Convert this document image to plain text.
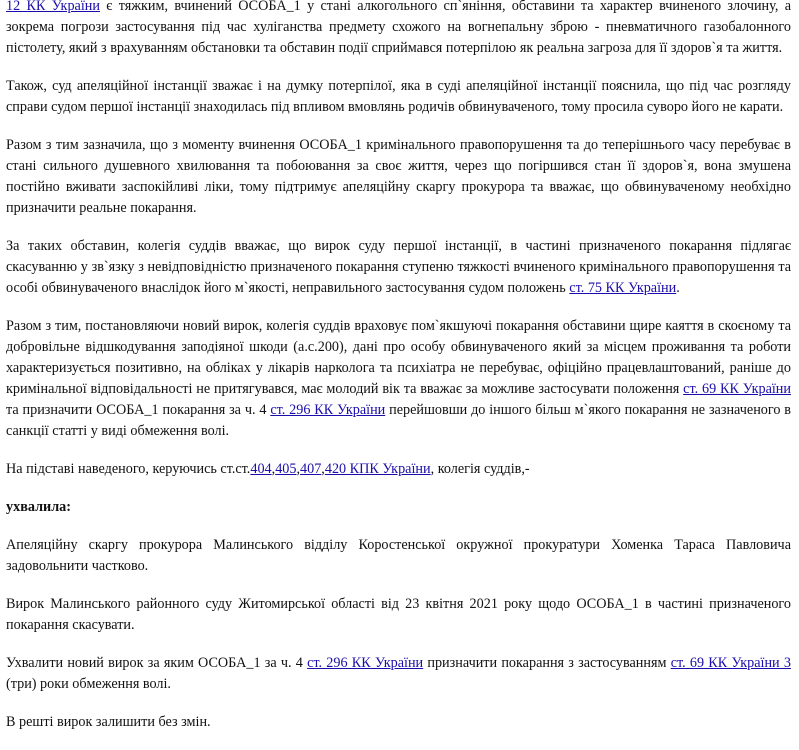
12 КК України є тяжким, вчинений ОСОБА_1 у стані алкогольного сп`яніння, обставини та характер вчиненого злочину, а зокрема погрози застосування під час хуліганства предмету схожого на вогнепальну зброю - пневматичного газобалонного пістолету, який з врахуванням обстановки та обставин події сприймався потерпілою як реальна загроза для її здоров`я та життя.

Також, суд апеляційної інстанції зважає і на думку потерпілої, яка в суді апеляційної інстанції пояснила, що під час розгляду справи судом першої інстанції знаходилась під впливом вмовлянь родичів обвинуваченого, тому просила суворо його не карати.

Разом з тим зазначила, що з моменту вчинення ОСОБА_1 кримінального правопорушення та до теперішнього часу перебуває в стані сильного душевного хвилювання та побоювання за своє життя, через що погіршився стан її здоров`я, вона змушена постійно вживати заспокійливі ліки, тому підтримує апеляційну скаргу прокурора та вважає, що обвинуваченому необхідно призначити реальне покарання.

За таких обставин, колегія суддів вважає, що вирок суду першої інстанції, в частині призначеного покарання підлягає скасуванню у зв`язку з невідповідністю призначеного покарання ступеню тяжкості вчиненого кримінального правопорушення та особі обвинуваченого внаслідок його м`якості, неправильного застосування судом положень ст. 75 КК України.

Разом з тим, постановляючи новий вирок, колегія суддів враховує пом`якшуючі покарання обставини щире каяття в скоєному та добровільне відшкодування заподіяної шкоди (а.с.200), дані про особу обвинуваченого який за місцем проживання та роботи характеризується позитивно, на обліках у лікарів нарколога та психіатра не перебуває, офіційно працевлаштований, раніше до кримінальної відповідальності не притягувався, має молодий вік та вважає за можливе застосувати положення ст. 69 КК України та призначити ОСОБА_1 покарання за ч. 4 ст. 296 КК України перейшовши до іншого більш м`якого покарання не зазначеного в санкції статті у виді обмеження волі.

На підставі наведеного, керуючись ст.ст.404,405,407,420 КПК України, колегія суддів,-

ухвалила:

Апеляційну скаргу прокурора Малинського відділу Коростенської окружної прокуратури Хоменка Тараса Павловича задовольнити частково.

Вирок Малинського районного суду Житомирської області від 23 квітня 2021 року щодо ОСОБА_1 в частині призначеного покарання скасувати.

Ухвалити новий вирок за яким ОСОБА_1 за ч. 4 ст. 296 КК України призначити покарання з застосуванням ст. 69 КК України 3 (три) роки обмеження волі.

В решті вирок залишити без змін.
